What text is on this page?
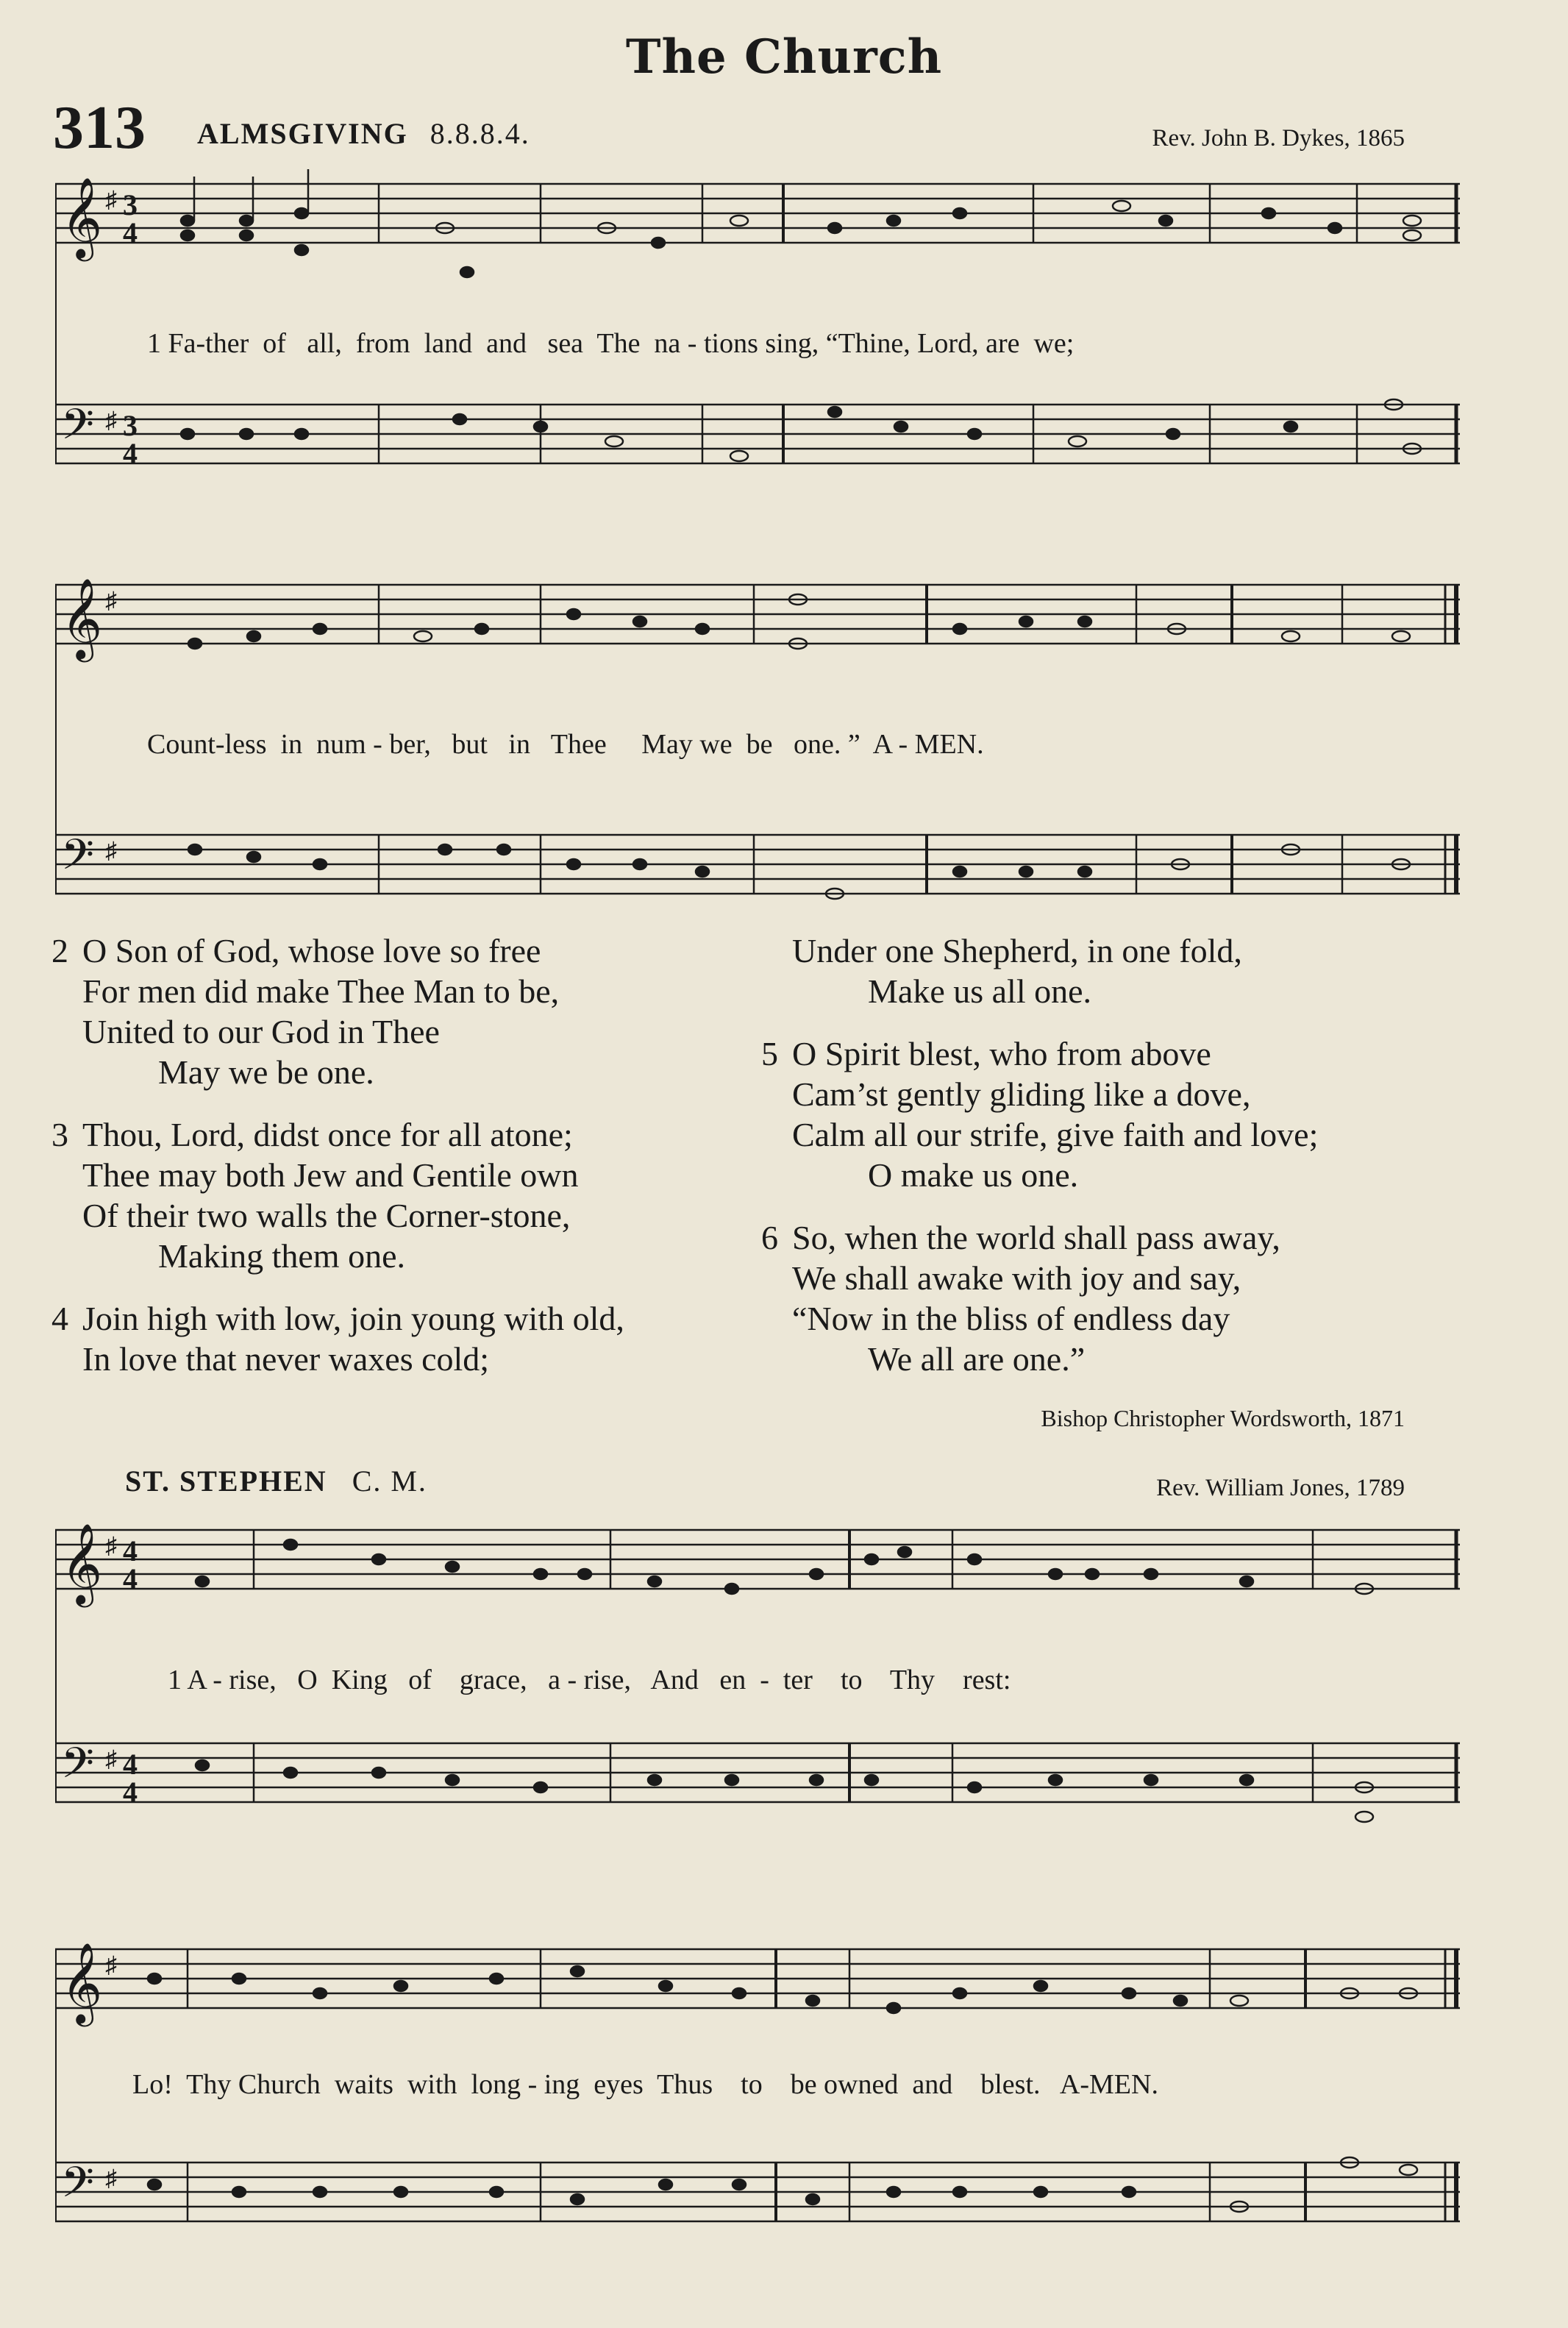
The Church
313 ALMSGIVING 8.8.8.4.	Rev. John B. Dykes, 1865
𝄞
𝄢
♯
♯
3
4
3
4
1 Fa-ther  of   all,  from  land  and   sea  The  na - tions sing, “Thine, Lord, are  we;
𝄞
𝄢
♯
♯
Count-less  in  num - ber,   but   in   Thee     May we  be   one. ”  A - MEN.
2 O Son of God, whose love so free
For men did make Thee Man to be,
United to our God in Thee
May we be one.
3 Thou, Lord, didst once for all atone;
Thee may both Jew and Gentile own
Of their two walls the Corner-stone,
Making them one.
4 Join high with low, join young with old,
In love that never waxes cold;
Under one Shepherd, in one fold,
Make us all one.
5 O Spirit blest, who from above
Cam’st gently gliding like a dove,
Calm all our strife, give faith and love;
O make us one.
6 So, when the world shall pass away,
We shall awake with joy and say,
“Now in the bliss of endless day
We all are one.”
Bishop Christopher Wordsworth, 1871
ST. STEPHEN C. M.	Rev. William Jones, 1789
𝄞
𝄢
♯
♯
4
4
4
4
1 A - rise,   O  King   of    grace,   a - rise,   And   en  -  ter    to    Thy    rest:
𝄞
𝄢
♯
♯
Lo!  Thy Church  waits  with  long - ing  eyes  Thus    to    be owned  and    blest.   A-MEN.
